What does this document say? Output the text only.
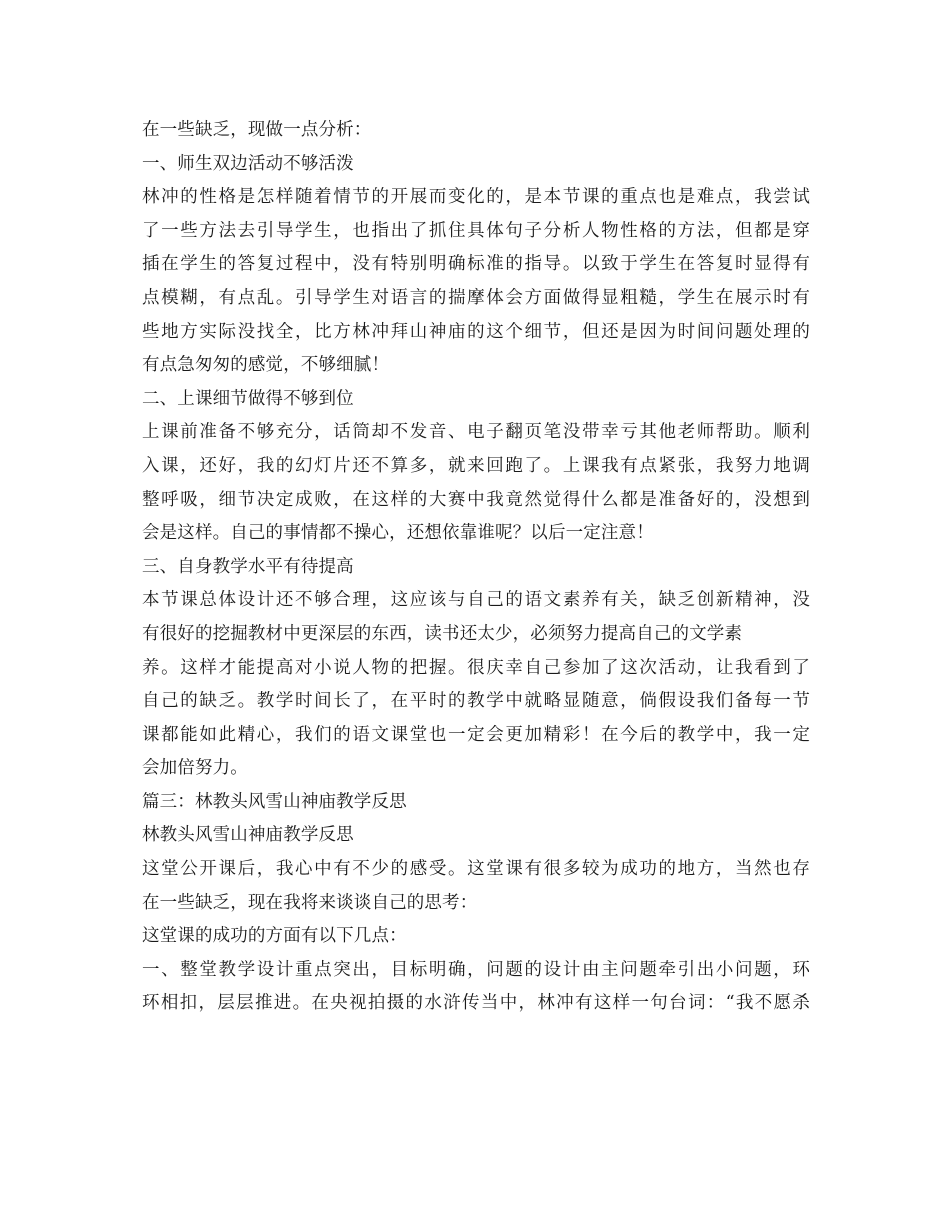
在一些缺乏，现做一点分析：
一、师生双边活动不够活泼
林冲的性格是怎样随着情节的开展而变化的，是本节课的重点也是难点，我尝试
了一些方法去引导学生，也指出了抓住具体句子分析人物性格的方法，但都是穿
插在学生的答复过程中，没有特别明确标准的指导。以致于学生在答复时显得有
点模糊，有点乱。引导学生对语言的揣摩体会方面做得显粗糙，学生在展示时有
些地方实际没找全，比方林冲拜山神庙的这个细节，但还是因为时间问题处理的
有点急匆匆的感觉，不够细腻！
二、上课细节做得不够到位
上课前准备不够充分，话筒却不发音、电子翻页笔没带幸亏其他老师帮助。顺利
入课，还好，我的幻灯片还不算多，就来回跑了。上课我有点紧张，我努力地调
整呼吸，细节决定成败，在这样的大赛中我竟然觉得什么都是准备好的，没想到
会是这样。自己的事情都不操心，还想依靠谁呢？以后一定注意！
三、自身教学水平有待提高
本节课总体设计还不够合理，这应该与自己的语文素养有关，缺乏创新精神，没
有很好的挖掘教材中更深层的东西，读书还太少，必须努力提高自己的文学素
养。这样才能提高对小说人物的把握。很庆幸自己参加了这次活动，让我看到了
自己的缺乏。教学时间长了，在平时的教学中就略显随意，倘假设我们备每一节
课都能如此精心，我们的语文课堂也一定会更加精彩！在今后的教学中，我一定
会加倍努力。
篇三：林教头风雪山神庙教学反思
林教头风雪山神庙教学反思
这堂公开课后，我心中有不少的感受。这堂课有很多较为成功的地方，当然也存
在一些缺乏，现在我将来谈谈自己的思考：
这堂课的成功的方面有以下几点：
一、整堂教学设计重点突出，目标明确，问题的设计由主问题牵引出小问题，环
环相扣，层层推进。在央视拍摄的水浒传当中，林冲有这样一句台词：“我不愿杀
